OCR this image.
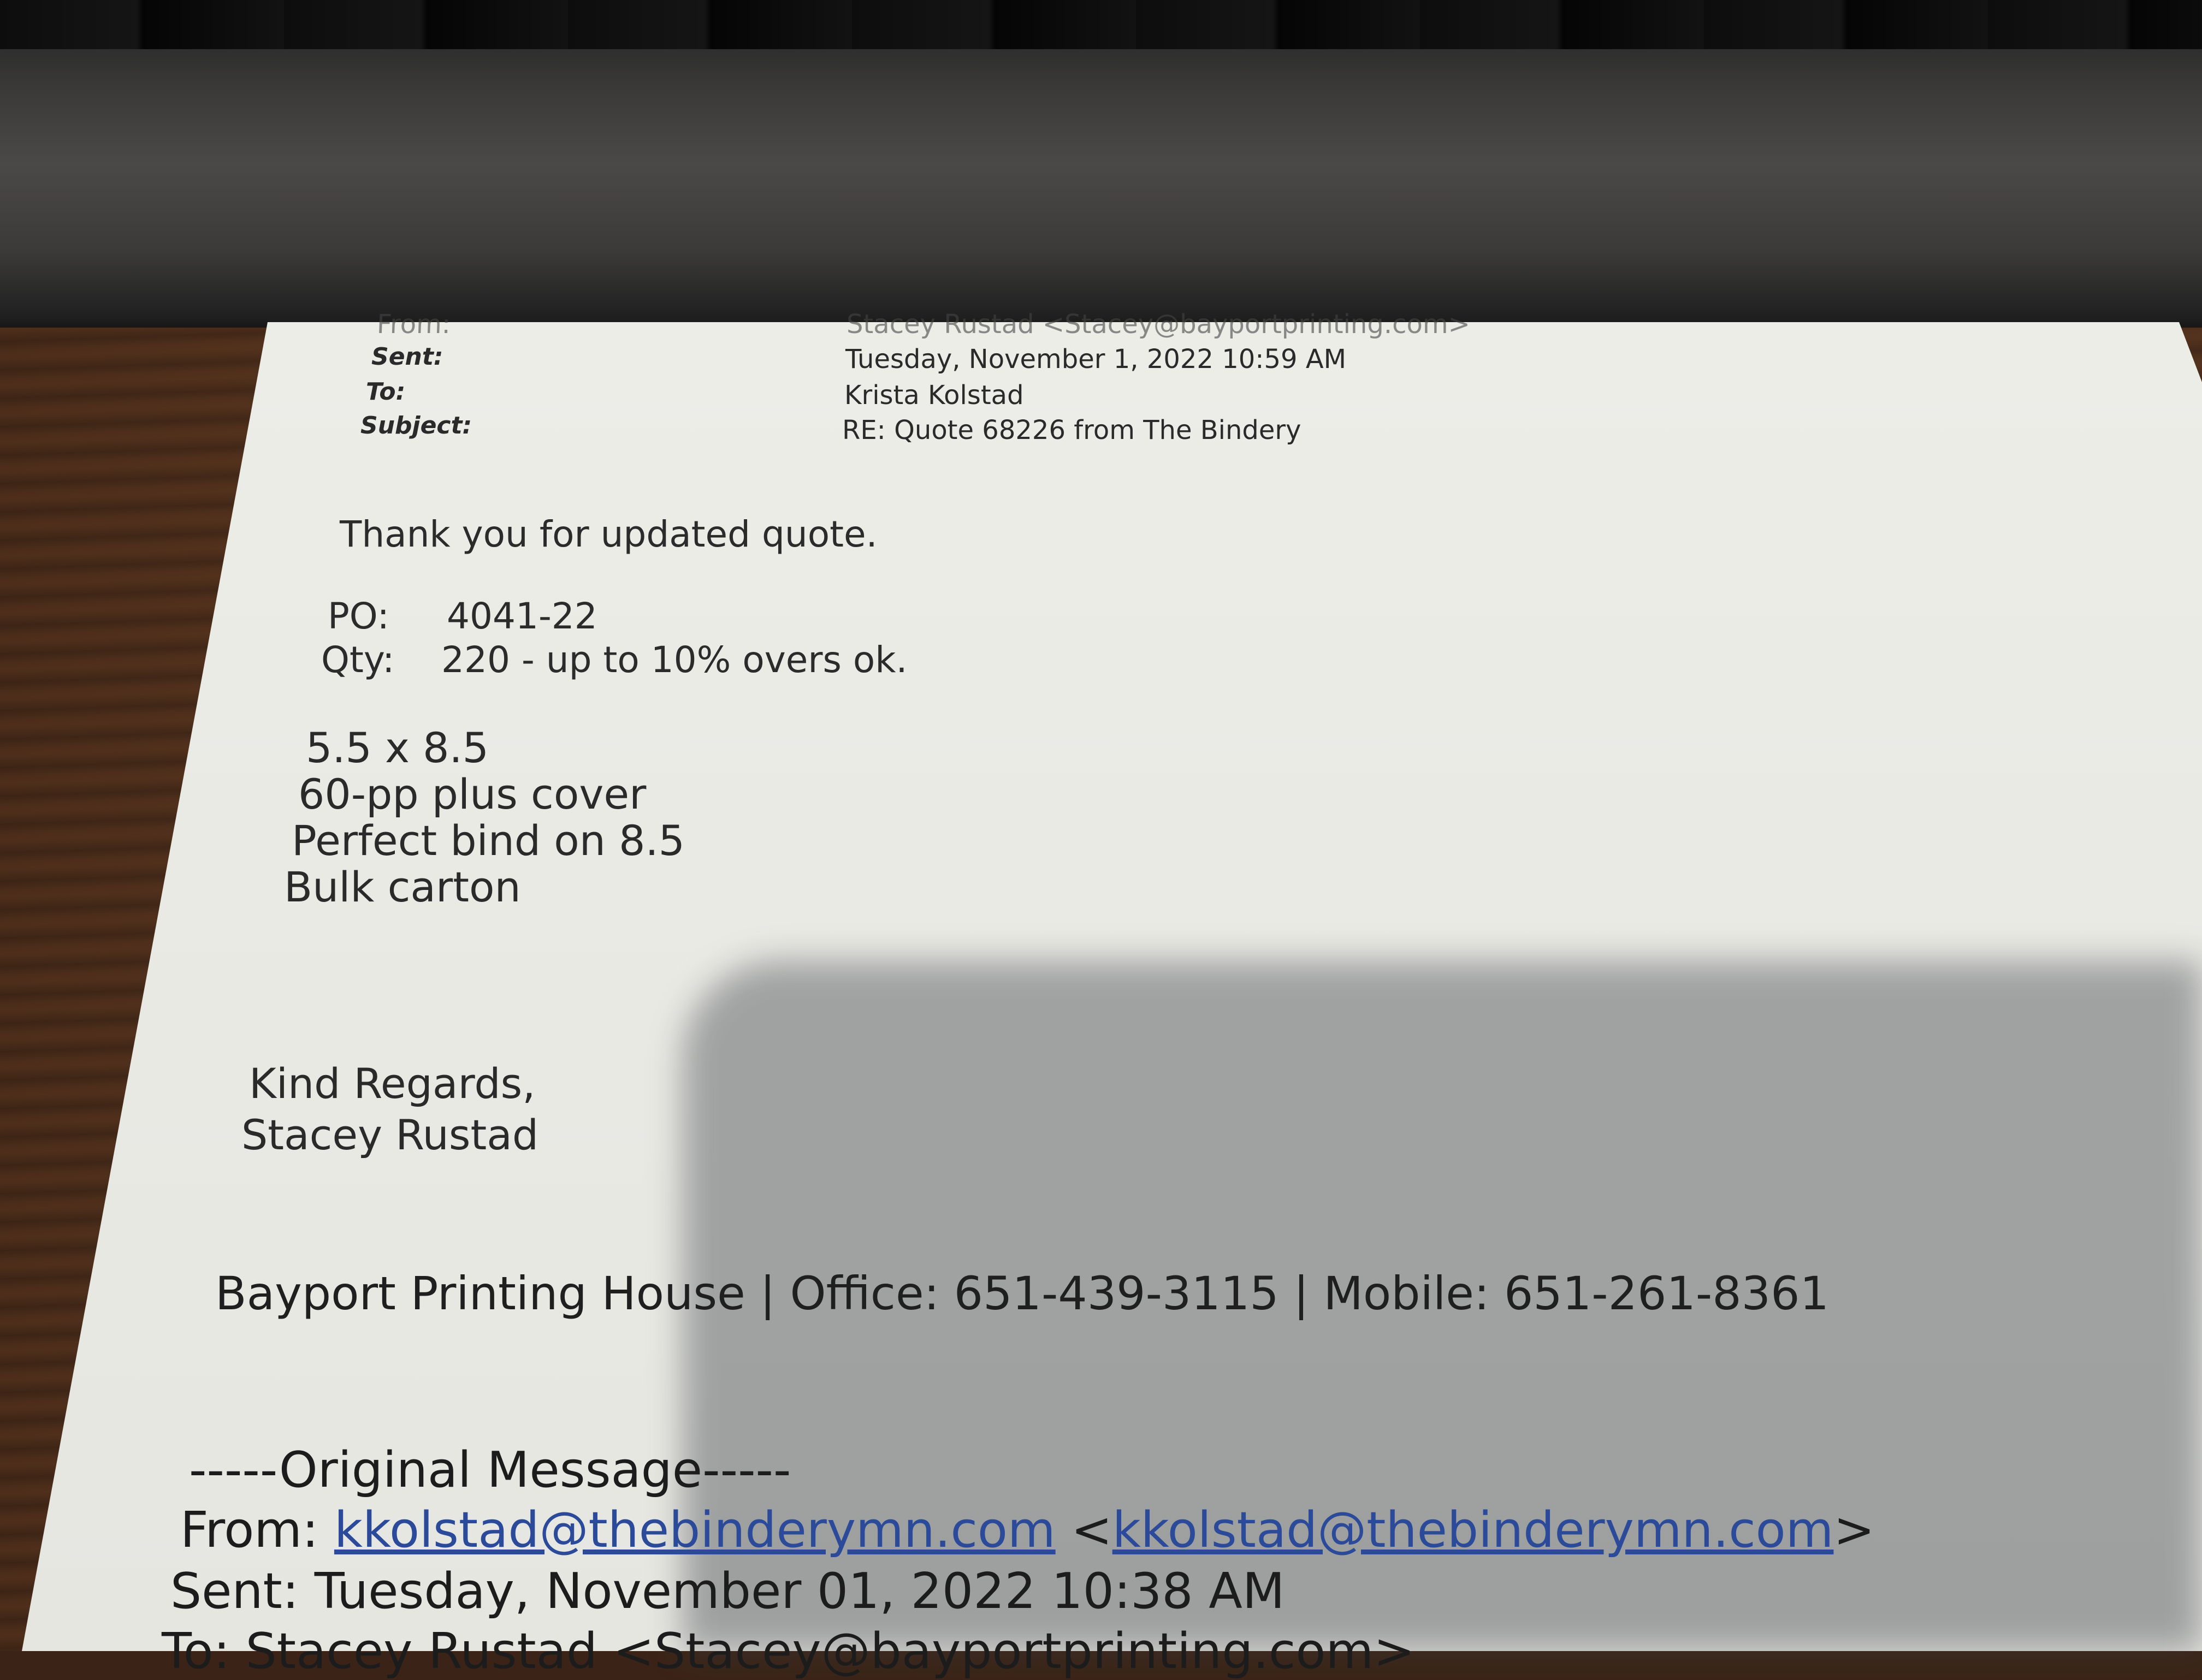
From:	Stacey Rustad <Stacey@bayportprinting.com>
Sent:	Tuesday, November 1, 2022 10:59 AM
To:	Krista Kolstad
Subject:	RE: Quote 68226 from The Bindery
Thank you for updated quote.
PO: 4041-22
Qty: 220 - up to 10% overs ok.
5.5 x 8.5
60-pp plus cover
Perfect bind on 8.5
Bulk carton
Kind Regards,
Stacey Rustad
Bayport Printing House | Office: 651-439-3115 | Mobile: 651-261-8361
-----Original Message-----
From: kkolstad@thebinderymn.com <kkolstad@thebinderymn.com>
Sent: Tuesday, November 01, 2022 10:38 AM
To: Stacey Rustad <Stacey@bayportprinting.com>
